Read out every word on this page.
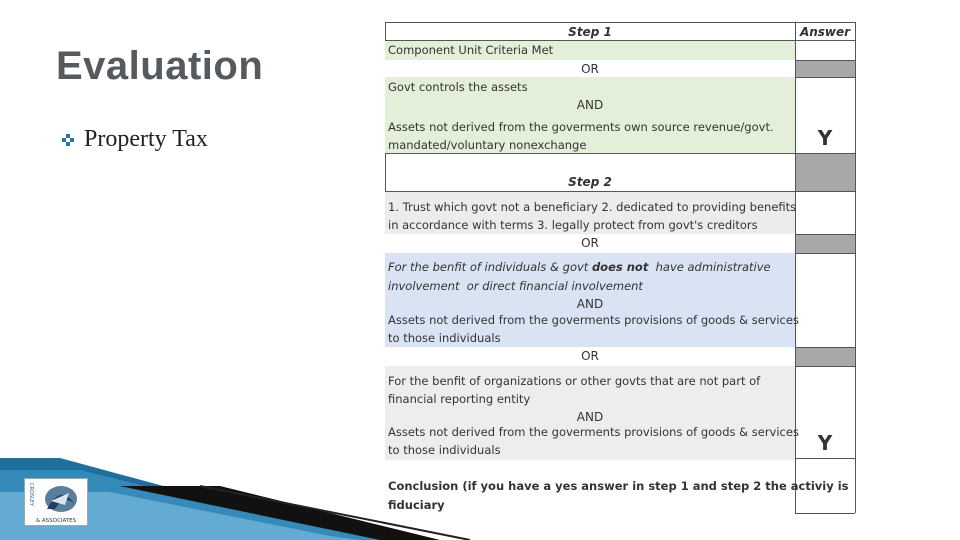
Evaluation
Property Tax
Step 1	Answer
Component Unit Criteria Met
OR
Govt controls the assets
AND
Assets not derived from the goverments own source revenue/govt.
mandated/voluntary nonexchange	Y
Step 2
1. Trust which govt not a beneficiary 2. dedicated to providing benefits
in accordance with terms 3. legally protect from govt's creditors
OR
For the benfit of individuals & govt does not  have administrative
involvement  or direct financial involvement
AND
Assets not derived from the goverments provisions of goods & services
to those individuals
OR
For the benfit of organizations or other govts that are not part of
financial reporting entity
AND
Assets not derived from the goverments provisions of goods & services
to those individuals	Y
Conclusion (if you have a yes answer in step 1 and step 2 the activiy is
fiduciary
CROSLEY
& ASSOCIATES
